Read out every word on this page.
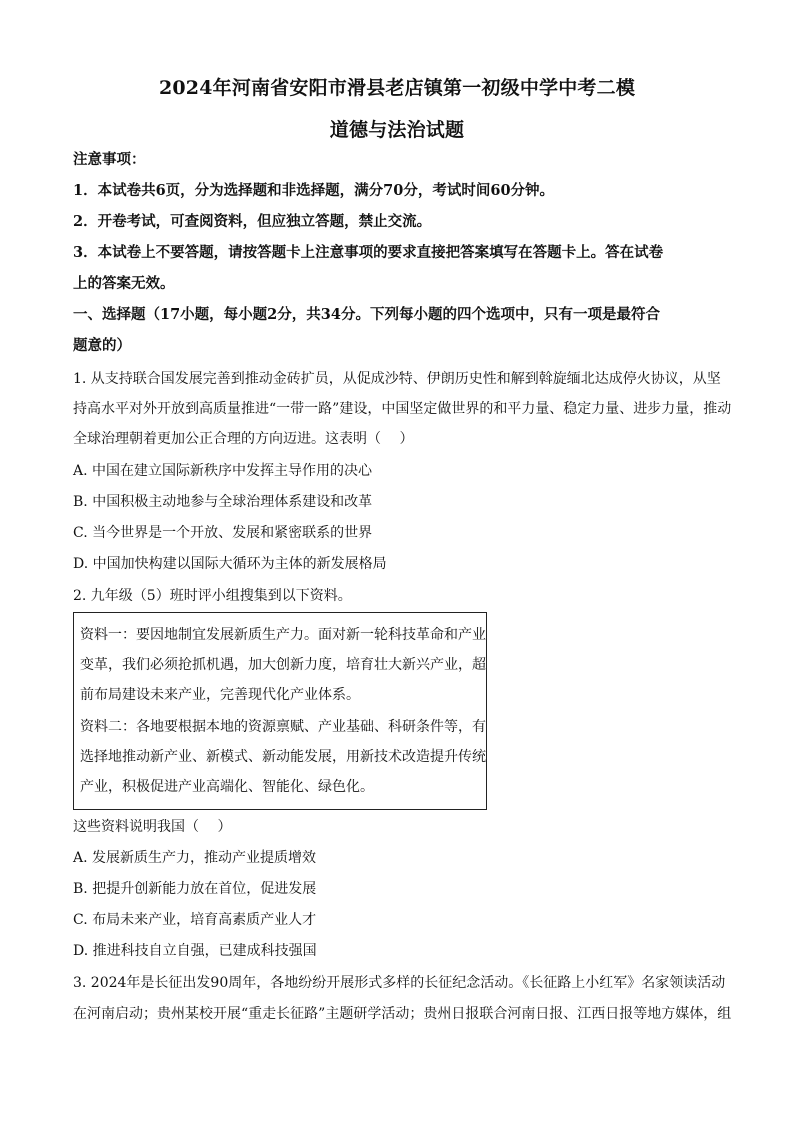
2024年河南省安阳市滑县老店镇第一初级中学中考二模
道德与法治试题
注意事项：
1．本试卷共6页，分为选择题和非选择题，满分70分，考试时间60分钟。
2．开卷考试，可查阅资料，但应独立答题，禁止交流。
3．本试卷上不要答题，请按答题卡上注意事项的要求直接把答案填写在答题卡上。答在试卷
上的答案无效。
一、选择题（17小题，每小题2分，共34分。下列每小题的四个选项中，只有一项是最符合
题意的）
1. 从支持联合国发展完善到推动金砖扩员，从促成沙特、伊朗历史性和解到斡旋缅北达成停火协议，从坚
持高水平对外开放到高质量推进“一带一路”建设，中国坚定做世界的和平力量、稳定力量、进步力量，推动
全球治理朝着更加公正合理的方向迈进。这表明（　 ）
A. 中国在建立国际新秩序中发挥主导作用的决心
B. 中国积极主动地参与全球治理体系建设和改革
C. 当今世界是一个开放、发展和紧密联系的世界
D. 中国加快构建以国际大循环为主体的新发展格局
2. 九年级（5）班时评小组搜集到以下资料。
资料一：要因地制宜发展新质生产力。面对新一轮科技革命和产业
变革，我们必须抢抓机遇，加大创新力度，培育壮大新兴产业，超
前布局建设未来产业，完善现代化产业体系。
资料二：各地要根据本地的资源禀赋、产业基础、科研条件等，有
选择地推动新产业、新模式、新动能发展，用新技术改造提升传统
产业，积极促进产业高端化、智能化、绿色化。
这些资料说明我国（　 ）
A. 发展新质生产力，推动产业提质增效
B. 把提升创新能力放在首位，促进发展
C. 布局未来产业，培育高素质产业人才
D. 推进科技自立自强，已建成科技强国
3. 2024年是长征出发90周年，各地纷纷开展形式多样的长征纪念活动。《长征路上小红军》名家领读活动
在河南启动；贵州某校开展“重走长征路”主题研学活动；贵州日报联合河南日报、江西日报等地方媒体，组
